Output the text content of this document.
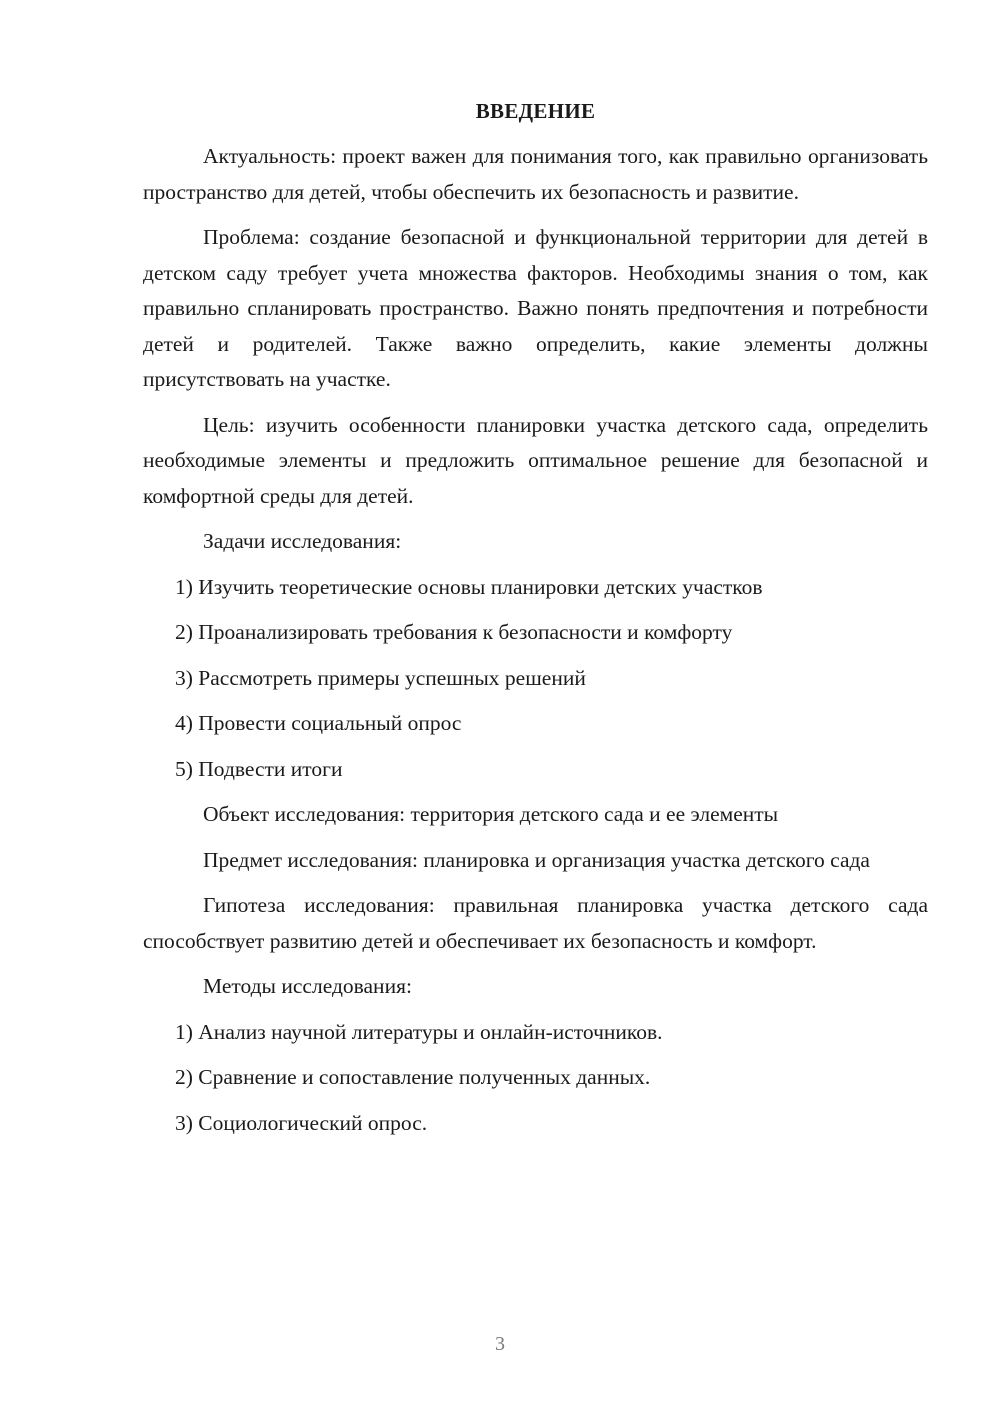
ВВЕДЕНИЕ

Актуальность: проект важен для понимания того, как правильно организовать пространство для детей, чтобы обеспечить их безопасность и развитие.

Проблема: создание безопасной и функциональной территории для детей в детском саду требует учета множества факторов. Необходимы знания о том, как правильно спланировать пространство. Важно понять предпочтения и потребности детей и родителей. Также важно определить, какие элементы должны присутствовать на участке.

Цель: изучить особенности планировки участка детского сада, определить необходимые элементы и предложить оптимальное решение для безопасной и комфортной среды для детей.

Задачи исследования:

1) Изучить теоретические основы планировки детских участков
2) Проанализировать требования к безопасности и комфорту
3) Рассмотреть примеры успешных решений
4) Провести социальный опрос
5) Подвести итоги

Объект исследования: территория детского сада и ее элементы

Предмет исследования: планировка и организация участка детского сада

Гипотеза исследования: правильная планировка участка детского сада способствует развитию детей и обеспечивает их безопасность и комфорт.

Методы исследования:

1) Анализ научной литературы и онлайн-источников.
2) Сравнение и сопоставление полученных данных.
3) Социологический опрос.
3
